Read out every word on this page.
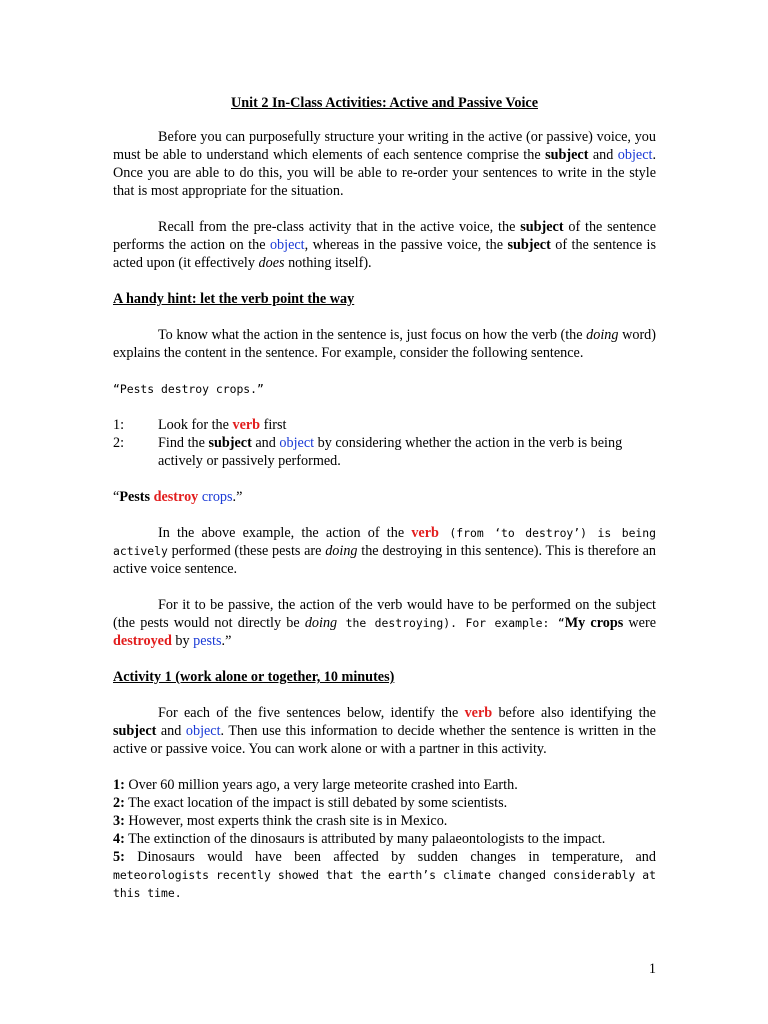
Unit 2 In-Class Activities: Active and Passive Voice

Before you can purposefully structure your writing in the active (or passive) voice, you must be able to understand which elements of each sentence comprise the subject and object. Once you are able to do this, you will be able to re-order your sentences to write in the style that is most appropriate for the situation.

Recall from the pre-class activity that in the active voice, the subject of the sentence performs the action on the object, whereas in the passive voice, the subject of the sentence is acted upon (it effectively does nothing itself).

A handy hint: let the verb point the way

To know what the action in the sentence is, just focus on how the verb (the doing word) explains the content in the sentence. For example, consider the following sentence.

“Pests destroy crops.”

1:	Look for the verb first
2:	Find the subject and object by considering whether the action in the verb is being actively or passively performed.

“Pests destroy crops.”

In the above example, the action of the verb (from ‘to destroy’) is being actively performed (these pests are doing the destroying in this sentence). This is therefore an active voice sentence.

For it to be passive, the action of the verb would have to be performed on the subject (the pests would not directly be doing the destroying). For example: “My crops were destroyed by pests.”

Activity 1 (work alone or together, 10 minutes)

For each of the five sentences below, identify the verb before also identifying the subject and object. Then use this information to decide whether the sentence is written in the active or passive voice. You can work alone or with a partner in this activity.

1: Over 60 million years ago, a very large meteorite crashed into Earth.

2: The exact location of the impact is still debated by some scientists.

3: However, most experts think the crash site is in Mexico.

4: The extinction of the dinosaurs is attributed by many palaeontologists to the impact.

5: Dinosaurs would have been affected by sudden changes in temperature, and

meteorologists recently showed that the earth’s climate changed considerably at this time.

1
